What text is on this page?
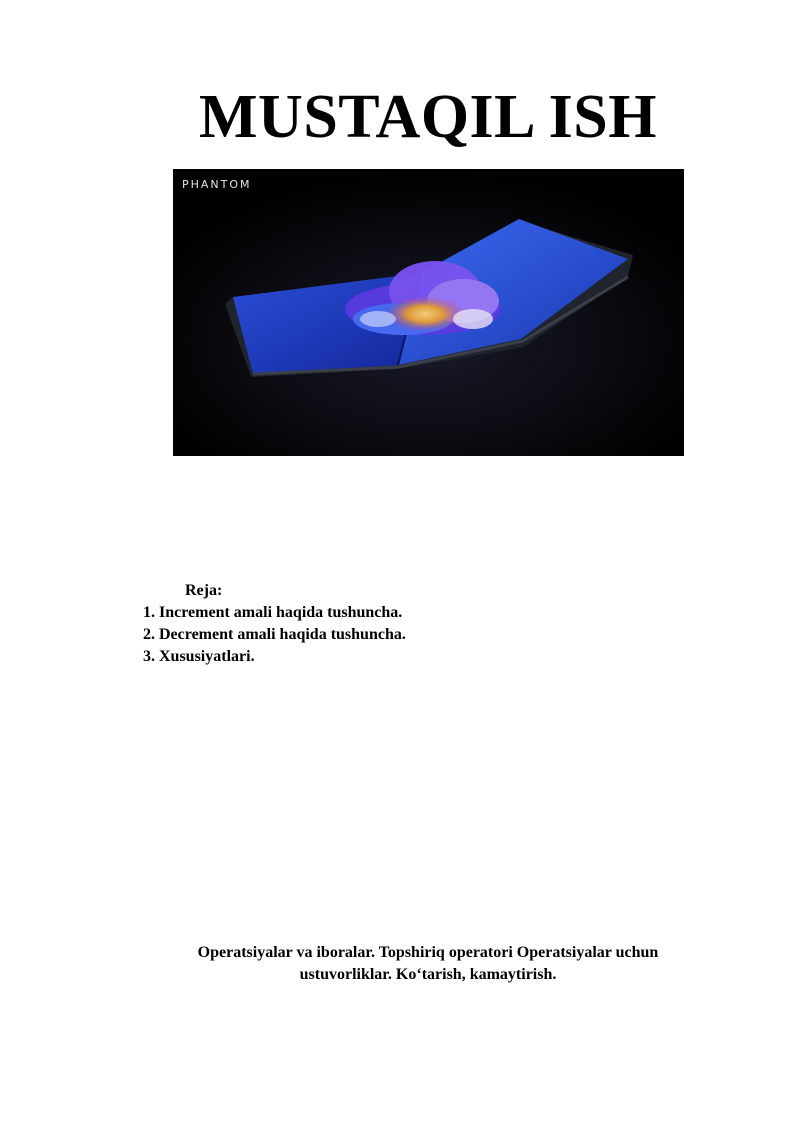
MUSTAQIL ISH
PHANTOM
Reja:
1. Increment amali haqida tushuncha.
2. Decrement amali haqida tushuncha.
3. Xususiyatlari.
Operatsiyalar va iboralar. Topshiriq operatori Operatsiyalar uchun
ustuvorliklar. Ko‘tarish, kamaytirish.
